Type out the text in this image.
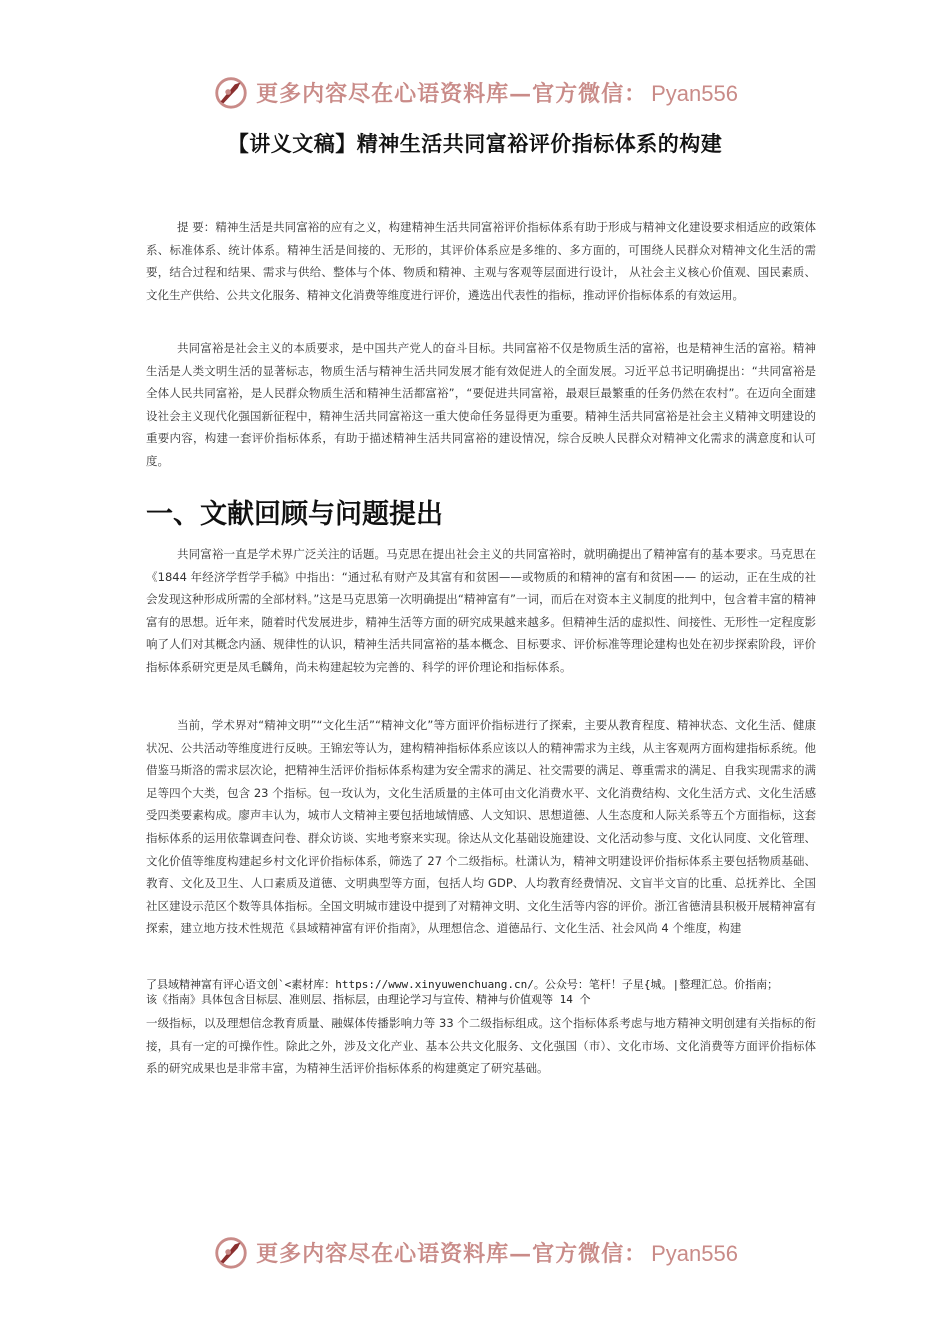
更多内容尽在心语资料库—官方微信： Pyan556
【讲义文稿】精神生活共同富裕评价指标体系的构建

提 要：精神生活是共同富裕的应有之义，构建精神生活共同富裕评价指标体系有助于形成与精神文化建设要求相适应的政策体系、标准体系、统计体系。精神生活是间接的、无形的，其评价体系应是多维的、多方面的，可围绕人民群众对精神文化生活的需要，结合过程和结果、需求与供给、整体与个体、物质和精神、主观与客观等层面进行设计， 从社会主义核心价值观、国民素质、文化生产供给、公共文化服务、精神文化消费等维度进行评价，遴选出代表性的指标，推动评价指标体系的有效运用。

共同富裕是社会主义的本质要求，是中国共产党人的奋斗目标。共同富裕不仅是物质生活的富裕，也是精神生活的富裕。精神生活是人类文明生活的显著标志，物质生活与精神生活共同发展才能有效促进人的全面发展。习近平总书记明确提出：“共同富裕是全体人民共同富裕，是人民群众物质生活和精神生活都富裕”，“要促进共同富裕，最艰巨最繁重的任务仍然在农村”。在迈向全面建设社会主义现代化强国新征程中，精神生活共同富裕这一重大使命任务显得更为重要。精神生活共同富裕是社会主义精神文明建设的重要内容，构建一套评价指标体系，有助于描述精神生活共同富裕的建设情况，综合反映人民群众对精神文化需求的满意度和认可度。

一、文献回顾与问题提出

共同富裕一直是学术界广泛关注的话题。马克思在提出社会主义的共同富裕时，就明确提出了精神富有的基本要求。马克思在《1844 年经济学哲学手稿》中指出：“通过私有财产及其富有和贫困——或物质的和精神的富有和贫困—— 的运动，正在生成的社会发现这种形成所需的全部材料。”这是马克思第一次明确提出“精神富有”一词，而后在对资本主义制度的批判中，包含着丰富的精神富有的思想。近年来，随着时代发展进步，精神生活等方面的研究成果越来越多。但精神生活的虚拟性、间接性、无形性一定程度影响了人们对其概念内涵、规律性的认识，精神生活共同富裕的基本概念、目标要求、评价标准等理论建构也处在初步探索阶段，评价指标体系研究更是凤毛麟角，尚未构建起较为完善的、科学的评价理论和指标体系。

当前，学术界对“精神文明”“文化生活”“精神文化”等方面评价指标进行了探索，主要从教育程度、精神状态、文化生活、健康状况、公共活动等维度进行反映。王锦宏等认为，建构精神指标体系应该以人的精神需求为主线，从主客观两方面构建指标系统。他借鉴马斯洛的需求层次论，把精神生活评价指标体系构建为安全需求的满足、社交需要的满足、尊重需求的满足、自我实现需求的满足等四个大类，包含 23 个指标。包一玫认为，文化生活质量的主体可由文化消费水平、文化消费结构、文化生活方式、文化生活感受四类要素构成。廖声丰认为，城市人文精神主要包括地域情感、人文知识、思想道德、人生态度和人际关系等五个方面指标，这套指标体系的运用依靠调查问卷、群众访谈、实地考察来实现。徐达从文化基础设施建设、文化活动参与度、文化认同度、文化管理、文化价值等维度构建起乡村文化评价指标体系，筛选了 27 个二级指标。杜潇认为，精神文明建设评价指标体系主要包括物质基础、教育、文化及卫生、人口素质及道德、文明典型等方面，包括人均 GDP、人均教育经费情况、文盲半文盲的比重、总抚养比、全国社区建设示范区个数等具体指标。全国文明城市建设中提到了对精神文明、文化生活等内容的评价。浙江省德清县积极开展精神富有探索，建立地方技术性规范《县域精神富有评价指南》，从理想信念、道德品行、文化生活、社会风尚 4 个维度，构建

了县域精神富有评心语文创`<素材库：https://www.xinyuwenchuang.cn/。公众号：笔杆！子星{城。|整理汇总。价指南；

该《指南》具体包含目标层、准则层、指标层，由理论学习与宣传、精神与价值观等 14 个

一级指标，以及理想信念教育质量、融媒体传播影响力等 33 个二级指标组成。这个指标体系考虑与地方精神文明创建有关指标的衔接，具有一定的可操作性。除此之外，涉及文化产业、基本公共文化服务、文化强国（市）、文化市场、文化消费等方面评价指标体系的研究成果也是非常丰富，为精神生活评价指标体系的构建奠定了研究基础。

更多内容尽在心语资料库—官方微信： Pyan556
